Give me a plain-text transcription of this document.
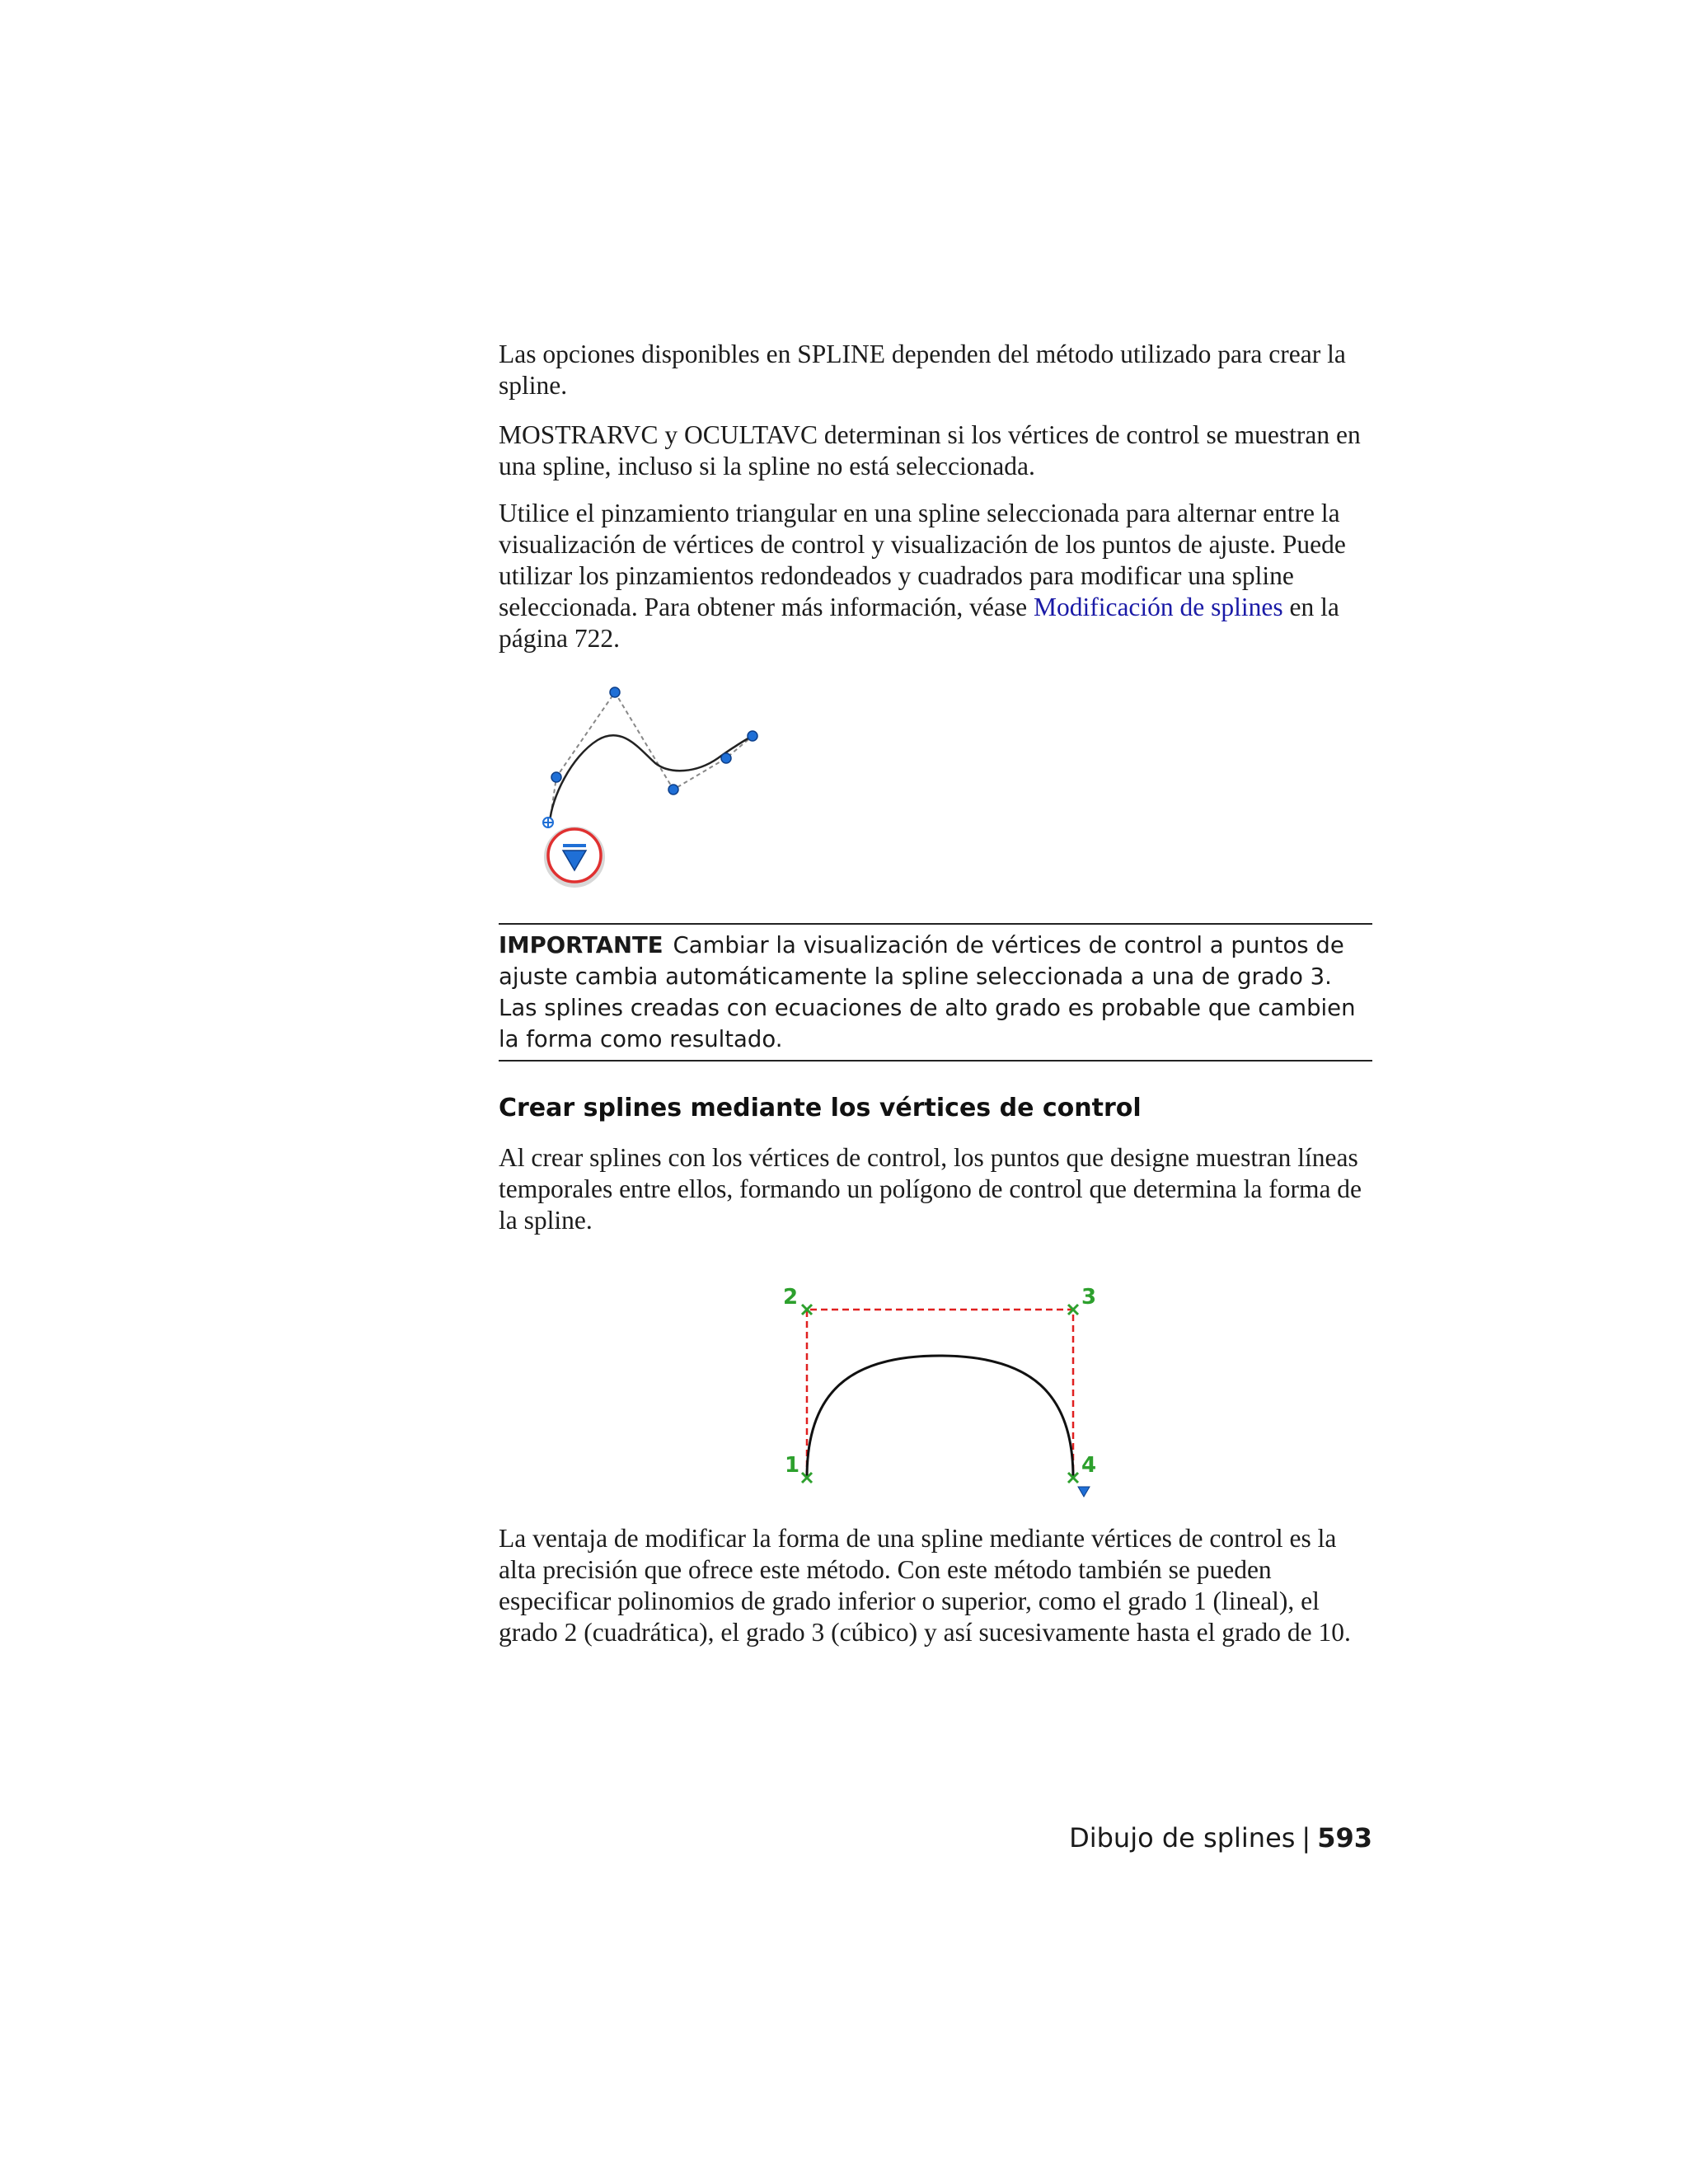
Las opciones disponibles en SPLINE dependen del método utilizado para crear la spline.

MOSTRARVC y OCULTAVC determinan si los vértices de control se muestran en una spline, incluso si la spline no está seleccionada.

Utilice el pinzamiento triangular en una spline seleccionada para alternar entre la visualización de vértices de control y visualización de los puntos de ajuste. Puede utilizar los pinzamientos redondeados y cuadrados para modificar una spline seleccionada. Para obtener más información, véase Modificación de splines en la página 722.

IMPORTANTE Cambiar la visualización de vértices de control a puntos de ajuste cambia automáticamente la spline seleccionada a una de grado 3. Las splines creadas con ecuaciones de alto grado es probable que cambien la forma como resultado.
Crear splines mediante los vértices de control

Al crear splines con los vértices de control, los puntos que designe muestran líneas temporales entre ellos, formando un polígono de control que determina la forma de la spline.

1
2	3
4

La ventaja de modificar la forma de una spline mediante vértices de control es la alta precisión que ofrece este método. Con este método también se pueden especificar polinomios de grado inferior o superior, como el grado 1 (lineal), el grado 2 (cuadrática), el grado 3 (cúbico) y así sucesivamente hasta el grado de 10.

Dibujo de splines | 593
